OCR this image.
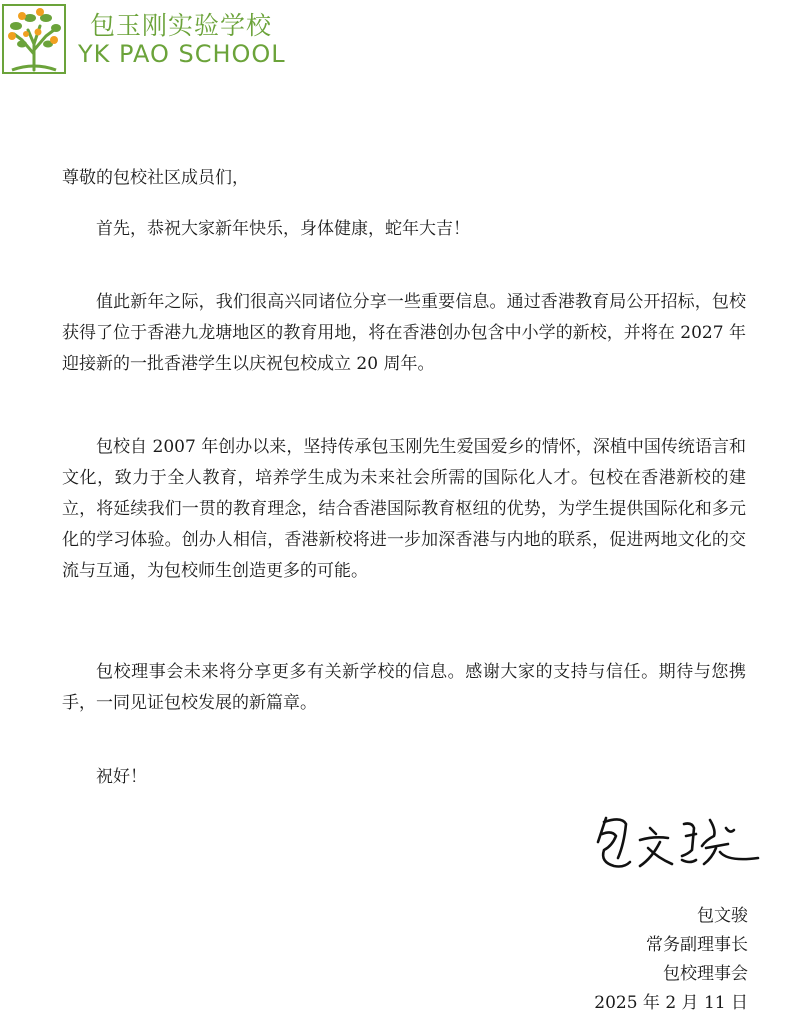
包玉刚实验学校
YK PAO SCHOOL
尊敬的包校社区成员们，

首先，恭祝大家新年快乐，身体健康，蛇年大吉！

值此新年之际，我们很高兴同诸位分享一些重要信息。通过香港教育局公开招标，包校获得了位于香港九龙塘地区的教育用地，将在香港创办包含中小学的新校，并将在 2027 年迎接新的一批香港学生以庆祝包校成立 20 周年。

包校自 2007 年创办以来，坚持传承包玉刚先生爱国爱乡的情怀，深植中国传统语言和文化，致力于全人教育，培养学生成为未来社会所需的国际化人才。包校在香港新校的建立，将延续我们一贯的教育理念，结合香港国际教育枢纽的优势，为学生提供国际化和多元化的学习体验。创办人相信，香港新校将进一步加深香港与内地的联系，促进两地文化的交流与互通，为包校师生创造更多的可能。

包校理事会未来将分享更多有关新学校的信息。感谢大家的支持与信任。期待与您携手，一同见证包校发展的新篇章。

祝好！
包文骏
常务副理事长
包校理事会
2025 年 2 月 11 日
